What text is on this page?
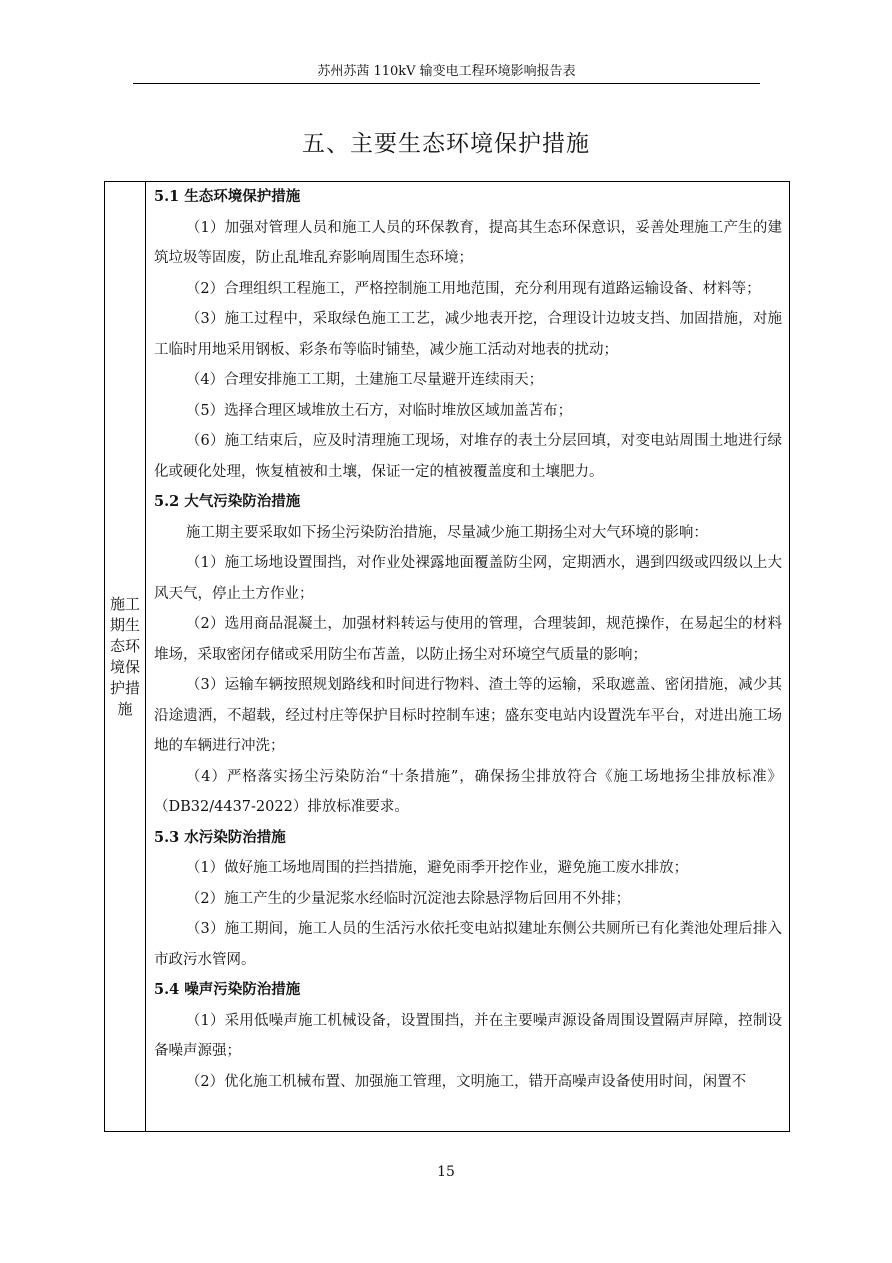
苏州苏茜 110kV 输变电工程环境影响报告表
五、主要生态环境保护措施
施工
期生
态环
境保
护措
施

5.1 生态环境保护措施

（1）加强对管理人员和施工人员的环保教育，提高其生态环保意识，妥善处理施工产生的建筑垃圾等固废，防止乱堆乱弃影响周围生态环境；

（2）合理组织工程施工，严格控制施工用地范围，充分利用现有道路运输设备、材料等；

（3）施工过程中，采取绿色施工工艺，减少地表开挖，合理设计边坡支挡、加固措施，对施工临时用地采用钢板、彩条布等临时铺垫，减少施工活动对地表的扰动；

（4）合理安排施工工期，土建施工尽量避开连续雨天；

（5）选择合理区域堆放土石方，对临时堆放区域加盖苫布；

（6）施工结束后，应及时清理施工现场，对堆存的表土分层回填，对变电站周围土地进行绿化或硬化处理，恢复植被和土壤，保证一定的植被覆盖度和土壤肥力。

5.2 大气污染防治措施

施工期主要采取如下扬尘污染防治措施，尽量减少施工期扬尘对大气环境的影响：

（1）施工场地设置围挡，对作业处裸露地面覆盖防尘网，定期洒水，遇到四级或四级以上大风天气，停止土方作业；

（2）选用商品混凝土，加强材料转运与使用的管理，合理装卸，规范操作，在易起尘的材料堆场，采取密闭存储或采用防尘布苫盖，以防止扬尘对环境空气质量的影响；

（3）运输车辆按照规划路线和时间进行物料、渣土等的运输，采取遮盖、密闭措施，减少其沿途遗洒，不超载，经过村庄等保护目标时控制车速；盛东变电站内设置洗车平台，对进出施工场地的车辆进行冲洗；

（4）严格落实扬尘污染防治“十条措施”，确保扬尘排放符合《施工场地扬尘排放标准》（DB32/4437-2022）排放标准要求。

5.3 水污染防治措施

（1）做好施工场地周围的拦挡措施，避免雨季开挖作业，避免施工废水排放；

（2）施工产生的少量泥浆水经临时沉淀池去除悬浮物后回用不外排；

（3）施工期间，施工人员的生活污水依托变电站拟建址东侧公共厕所已有化粪池处理后排入市政污水管网。

5.4 噪声污染防治措施

（1）采用低噪声施工机械设备，设置围挡，并在主要噪声源设备周围设置隔声屏障，控制设备噪声源强；

（2）优化施工机械布置、加强施工管理，文明施工，错开高噪声设备使用时间，闲置不

15
